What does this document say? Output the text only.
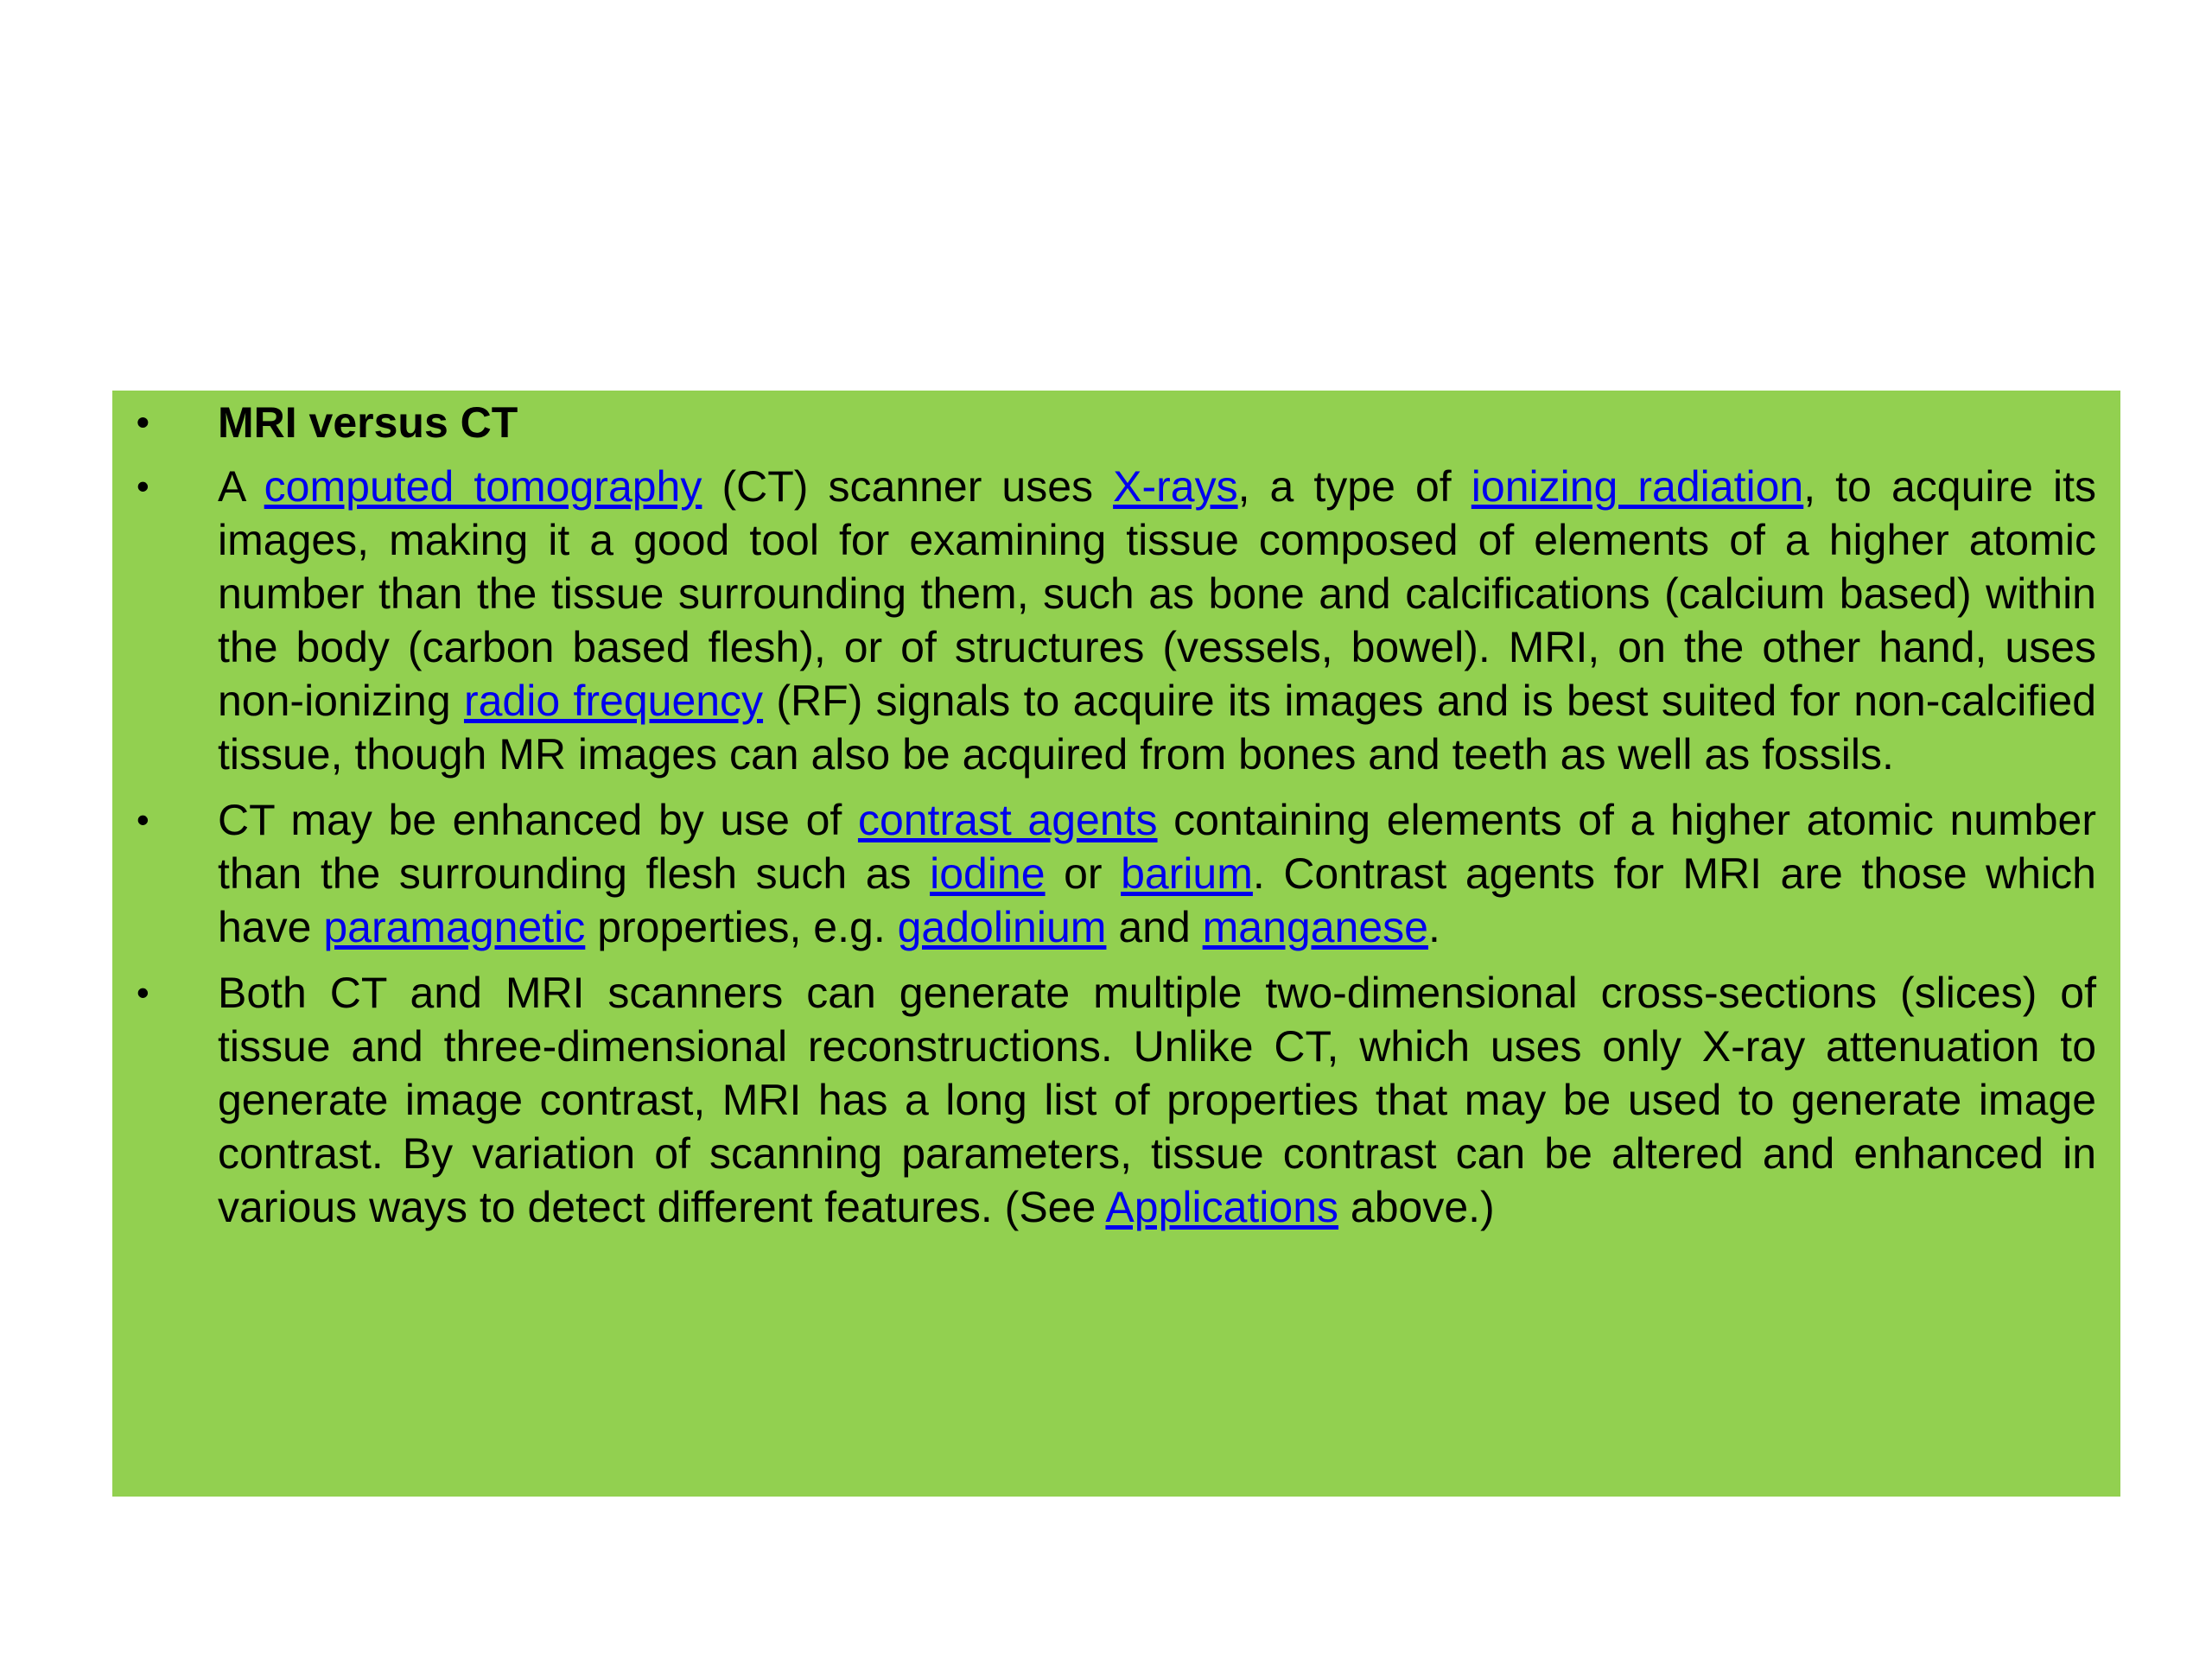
• MRI versus CT
• A computed tomography (CT) scanner uses X-rays, a type of ionizing radiation, to acquire its images, making it a good tool for examining tissue composed of elements of a higher atomic number than the tissue surrounding them, such as bone and calcifications (calcium based) within the body (carbon based flesh), or of structures (vessels, bowel). MRI, on the other hand, uses non-ionizing radio frequency (RF) signals to acquire its images and is best suited for non-calcified tissue, though MR images can also be acquired from bones and teeth as well as fossils.
• CT may be enhanced by use of contrast agents containing elements of a higher atomic number than the surrounding flesh such as iodine or barium. Contrast agents for MRI are those which have paramagnetic properties, e.g. gadolinium and manganese.
• Both CT and MRI scanners can generate multiple two-dimensional cross-sections (slices) of tissue and three-dimensional reconstructions. Unlike CT, which uses only X-ray attenuation to generate image contrast, MRI has a long list of properties that may be used to generate image contrast. By variation of scanning parameters, tissue contrast can be altered and enhanced in various ways to detect different features. (See Applications above.)
